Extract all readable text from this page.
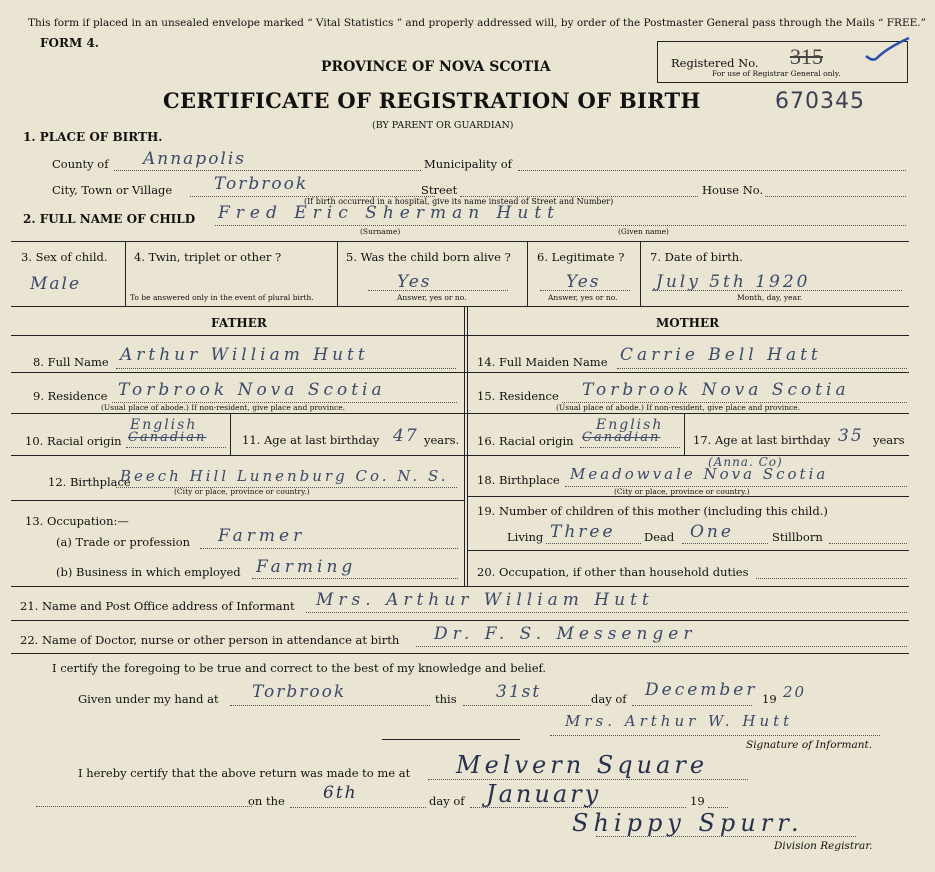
This form if placed in an unsealed envelope marked “ Vital Statistics ” and properly addressed will, by order of the Postmaster General pass through the Mails “ FREE.”
FORM 4.
PROVINCE OF NOVA SCOTIA	Registered No. 315
For use of Registrar General only.
CERTIFICATE OF REGISTRATION OF BIRTH	670345
(BY PARENT OR GUARDIAN)
1. PLACE OF BIRTH.
County of Annapolis	Municipality of
City, Town or Village Torbrook	Street	House No.
(If birth occurred in a hospital, give its name instead of Street and Number)
2. FULL NAME OF CHILD Fred Eric Sherman Hutt
(Surname)	(Given name)
3. Sex of child.
Male
4. Twin, triplet or other ?
To be answered only in the event of plural birth.
5. Was the child born alive ?
Yes
Answer, yes or no.
6. Legitimate ?
Yes
Answer, yes or no.
7. Date of birth.
July 5th 1920
Month, day, year.
FATHER	MOTHER
8. Full Name Arthur William Hutt
9. Residence Torbrook Nova Scotia
(Usual place of abode.) If non-resident, give place and province.
10. Racial origin Canadian
English
11. Age at last birthday 47 years.
12. Birthplace
Beech Hill Lunenburg Co. N. S.
(City or place, province or country.)
13. Occupation:—
(a) Trade or profession Farmer
(b) Business in which employed Farming
14. Full Maiden Name Carrie Bell Hatt
15. Residence Torbrook Nova Scotia
(Usual place of abode.) If non-resident, give place and province.
16. Racial origin Canadian
English
17. Age at last birthday 35 years
18. Birthplace Meadowvale Nova Scotia
(Anna. Co)
(City or place, province or country.)
19. Number of children of this mother (including this child.)
Living Three Dead One	Stillborn
20. Occupation, if other than household duties
21. Name and Post Office address of Informant Mrs. Arthur William Hutt
22. Name of Doctor, nurse or other person in attendance at birth Dr. F. S. Messenger
I certify the foregoing to be true and correct to the best of my knowledge and belief.
Given under my hand at Torbrook	this 31st	day of December 19 20
Mrs. Arthur W. Hutt
Signature of Informant.
I hereby certify that the above return was made to me at Melvern Square
on the 6th	day of January	19
Shippy Spurr.
Division Registrar.
